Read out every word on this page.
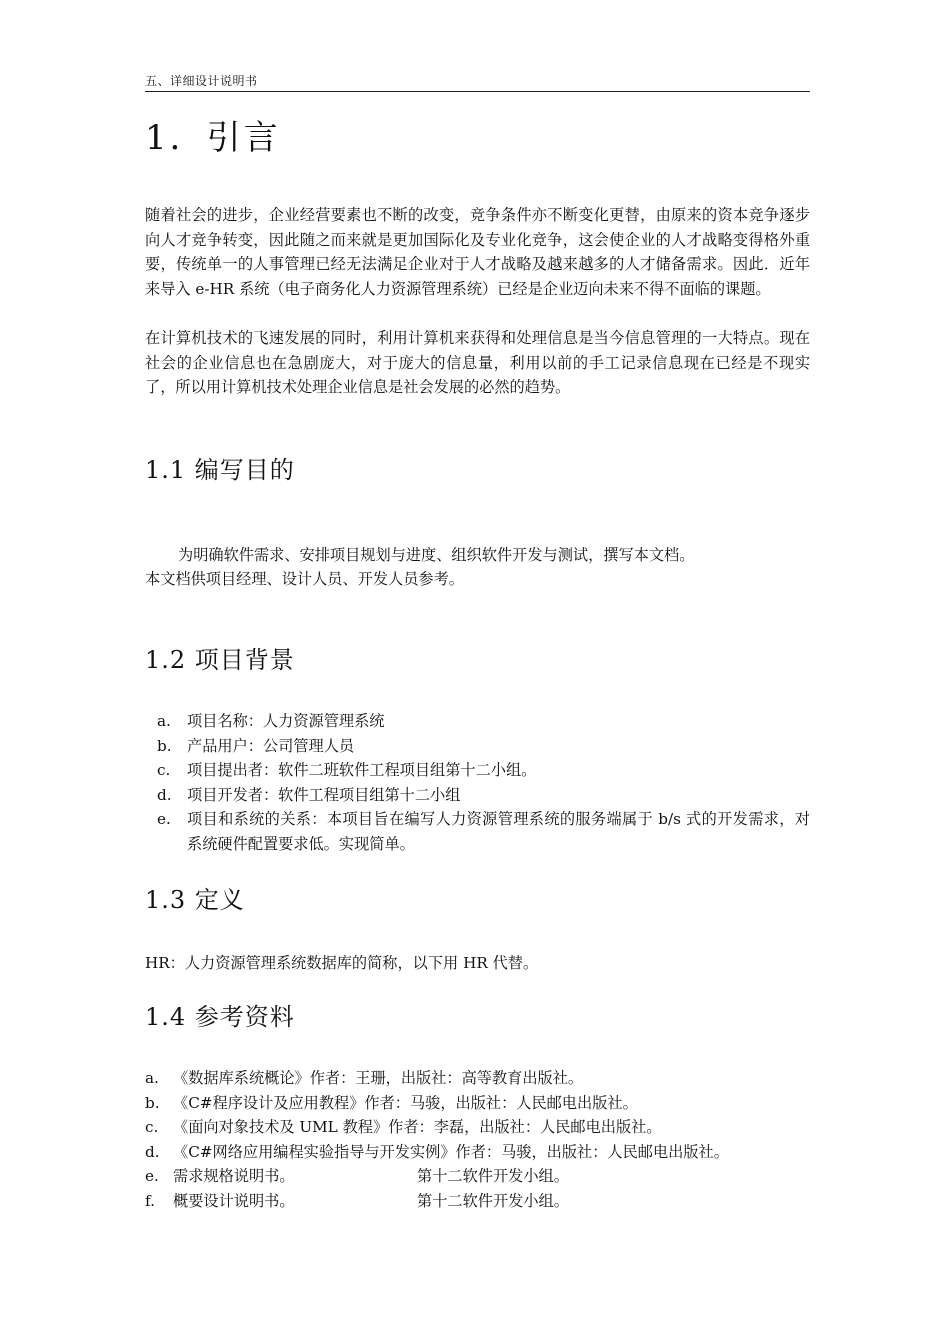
五、详细设计说明书
1．引言

随着社会的进步，企业经营要素也不断的改变，竞争条件亦不断变化更替，由原来的资本竞争逐步向人才竞争转变，因此随之而来就是更加国际化及专业化竞争，这会使企业的人才战略变得格外重要，传统单一的人事管理已经无法满足企业对于人才战略及越来越多的人才储备需求。因此．近年来导入 e-HR 系统（电子商务化人力资源管理系统）已经是企业迈向未来不得不面临的课题。

在计算机技术的飞速发展的同时，利用计算机来获得和处理信息是当今信息管理的一大特点。现在社会的企业信息也在急剧庞大，对于庞大的信息量，利用以前的手工记录信息现在已经是不现实了，所以用计算机技术处理企业信息是社会发展的必然的趋势。

1.1 编写目的
为明确软件需求、安排项目规划与进度、组织软件开发与测试，撰写本文档。
本文档供项目经理、设计人员、开发人员参考。
1.2 项目背景
a. 项目名称：人力资源管理系统
b. 产品用户：公司管理人员
c. 项目提出者：软件二班软件工程项目组第十二小组。
d. 项目开发者：软件工程项目组第十二小组
e. 项目和系统的关系：本项目旨在编写人力资源管理系统的服务端属于 b/s 式的开发需求，对系统硬件配置要求低。实现简单。
1.3 定义
HR：人力资源管理系统数据库的简称，以下用 HR 代替。
1.4 参考资料
a. 《数据库系统概论》作者：王珊，出版社：高等教育出版社。
b. 《C#程序设计及应用教程》作者：马骏，出版社：人民邮电出版社。
c. 《面向对象技术及 UML 教程》作者：李磊，出版社：人民邮电出版社。
d. 《C#网络应用编程实验指导与开发实例》作者：马骏，出版社：人民邮电出版社。
e. 需求规格说明书。	第十二软件开发小组。
f. 概要设计说明书。	第十二软件开发小组。
